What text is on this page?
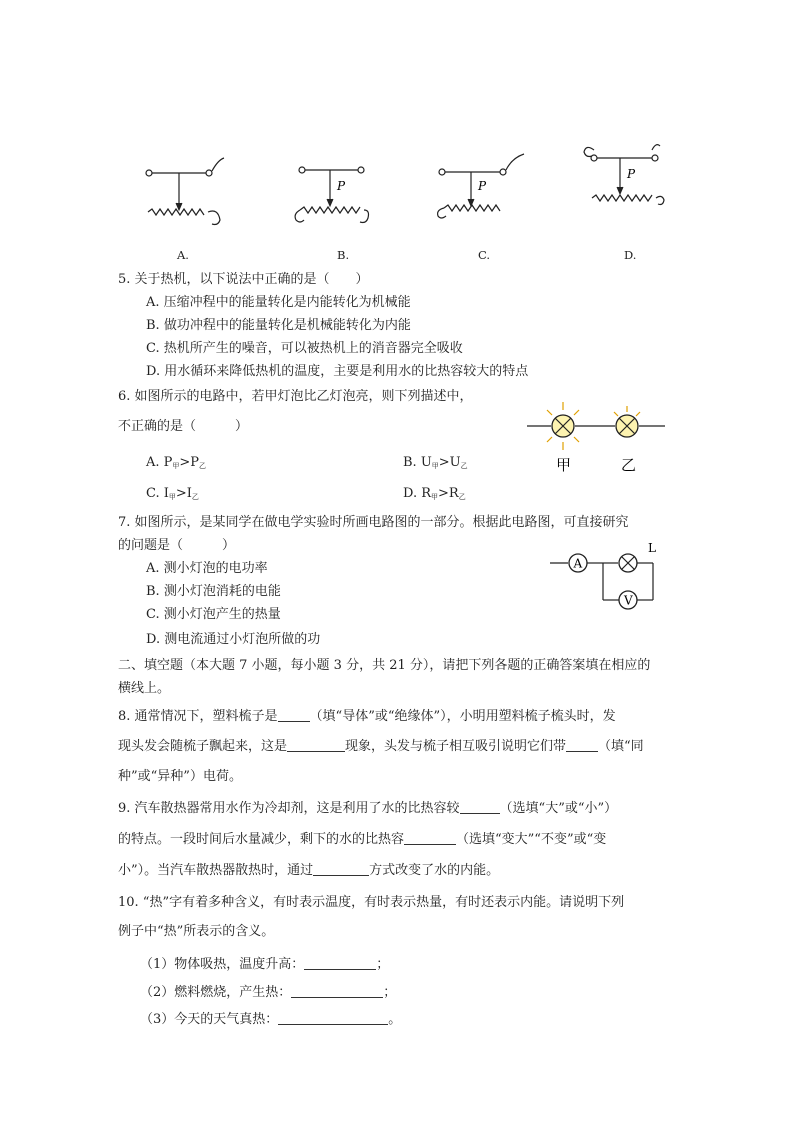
A.
P
B.
P
C.
P
D.
5. 关于热机，以下说法中正确的是（　　）
A. 压缩冲程中的能量转化是内能转化为机械能
B. 做功冲程中的能量转化是机械能转化为内能
C. 热机所产生的噪音，可以被热机上的消音器完全吸收
D. 用水循环来降低热机的温度，主要是利用水的比热容较大的特点
6. 如图所示的电路中，若甲灯泡比乙灯泡亮，则下列描述中，
不正确的是（　　　）
A. $P_甲>P_乙$	B. $U_甲>U_乙$
C. $I_甲>I_乙$	D. $R_甲>R_乙$
甲	乙
7. 如图所示，是某同学在做电学实验时所画电路图的一部分。根据此电路图，可直接研究
的问题是（　　　）
A. 测小灯泡的电功率
B. 测小灯泡消耗的电能
C. 测小灯泡产生的热量
D. 测电流通过小灯泡所做的功
A
V
L
二、填空题（本大题 7 小题，每小题 3 分，共 21 分），请把下列各题的正确答案填在相应的
横线上。
8. 通常情况下，塑料梳子是 （填“导体”或“绝缘体”），小明用塑料梳子梳头时，发
现头发会随梳子飘起来，这是	现象，头发与梳子相互吸引说明它们带 （填“同
种”或“异种”）电荷。
9. 汽车散热器常用水作为冷却剂，这是利用了水的比热容较	（选填“大”或“小”）
的特点。一段时间后水量减少，剩下的水的比热容	（选填“变大”“不变”或“变
小”）。当汽车散热器散热时，通过	方式改变了水的内能。
10. “热”字有着多种含义，有时表示温度，有时表示热量，有时还表示内能。请说明下列
例子中“热”所表示的含义。
（1）物体吸热，温度升高：	；
（2）燃料燃烧，产生热：	；
（3）今天的天气真热：	。
